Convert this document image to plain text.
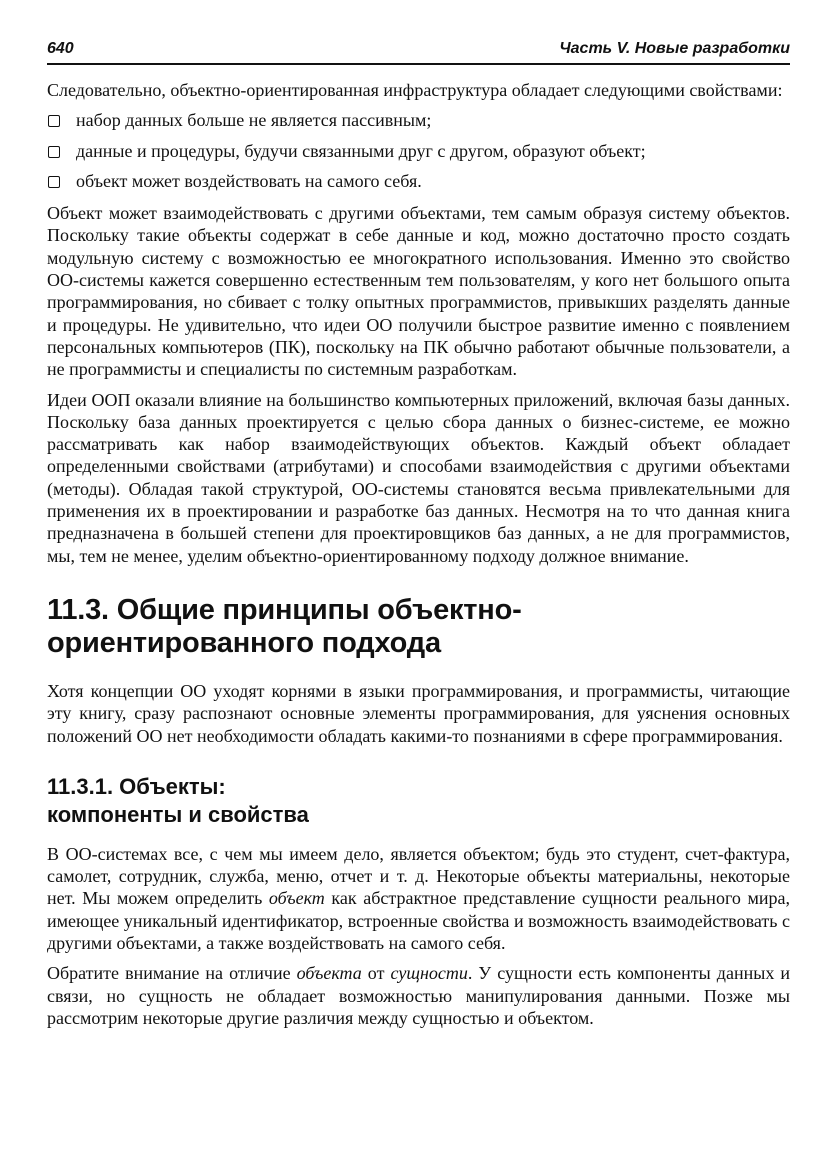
640	Часть V. Новые разработки

Следовательно, объектно-ориентированная инфраструктура обладает следующими свойствами:

набор данных больше не является пассивным;
данные и процедуры, будучи связанными друг с другом, образуют объект;
объект может воздействовать на самого себя.

Объект может взаимодействовать с другими объектами, тем самым образуя систему объектов. Поскольку такие объекты содержат в себе данные и код, можно достаточно просто создать модульную систему с возможностью ее многократного использования. Именно это свойство ОО-системы кажется совершенно естественным тем пользователям, у кого нет большого опыта программирования, но сбивает с толку опытных программистов, привыкших разделять данные и процедуры. Не удивительно, что идеи ОО получили быстрое развитие именно с появлением персональных компьютеров (ПК), поскольку на ПК обычно работают обычные пользователи, а не программисты и специалисты по системным разработкам.

Идеи ООП оказали влияние на большинство компьютерных приложений, включая базы данных. Поскольку база данных проектируется с целью сбора данных о бизнес-системе, ее можно рассматривать как набор взаимодействующих объектов. Каждый объект обладает определенными свойствами (атрибутами) и способами взаимодействия с другими объектами (методы). Обладая такой структурой, ОО-системы становятся весьма привлекательными для применения их в проектировании и разработке баз данных. Несмотря на то что данная книга предназначена в большей степени для проектировщиков баз данных, а не для программистов, мы, тем не менее, уделим объектно-ориентированному подходу должное внимание.

11.3. Общие принципы объектно-
ориентированного подхода

Хотя концепции ОО уходят корнями в языки программирования, и программисты, читающие эту книгу, сразу распознают основные элементы программирования, для уяснения основных положений ОО нет необходимости обладать какими-то познаниями в сфере программирования.

11.3.1. Объекты:
компоненты и свойства

В ОО-системах все, с чем мы имеем дело, является объектом; будь это студент, счет-фактура, самолет, сотрудник, служба, меню, отчет и т. д. Некоторые объекты материальны, некоторые нет. Мы можем определить объект как абстрактное представление сущности реального мира, имеющее уникальный идентификатор, встроенные свойства и возможность взаимодействовать с другими объектами, а также воздействовать на самого себя.

Обратите внимание на отличие объекта от сущности. У сущности есть компоненты данных и связи, но сущность не обладает возможностью манипулирования данными. Позже мы рассмотрим некоторые другие различия между сущностью и объектом.
